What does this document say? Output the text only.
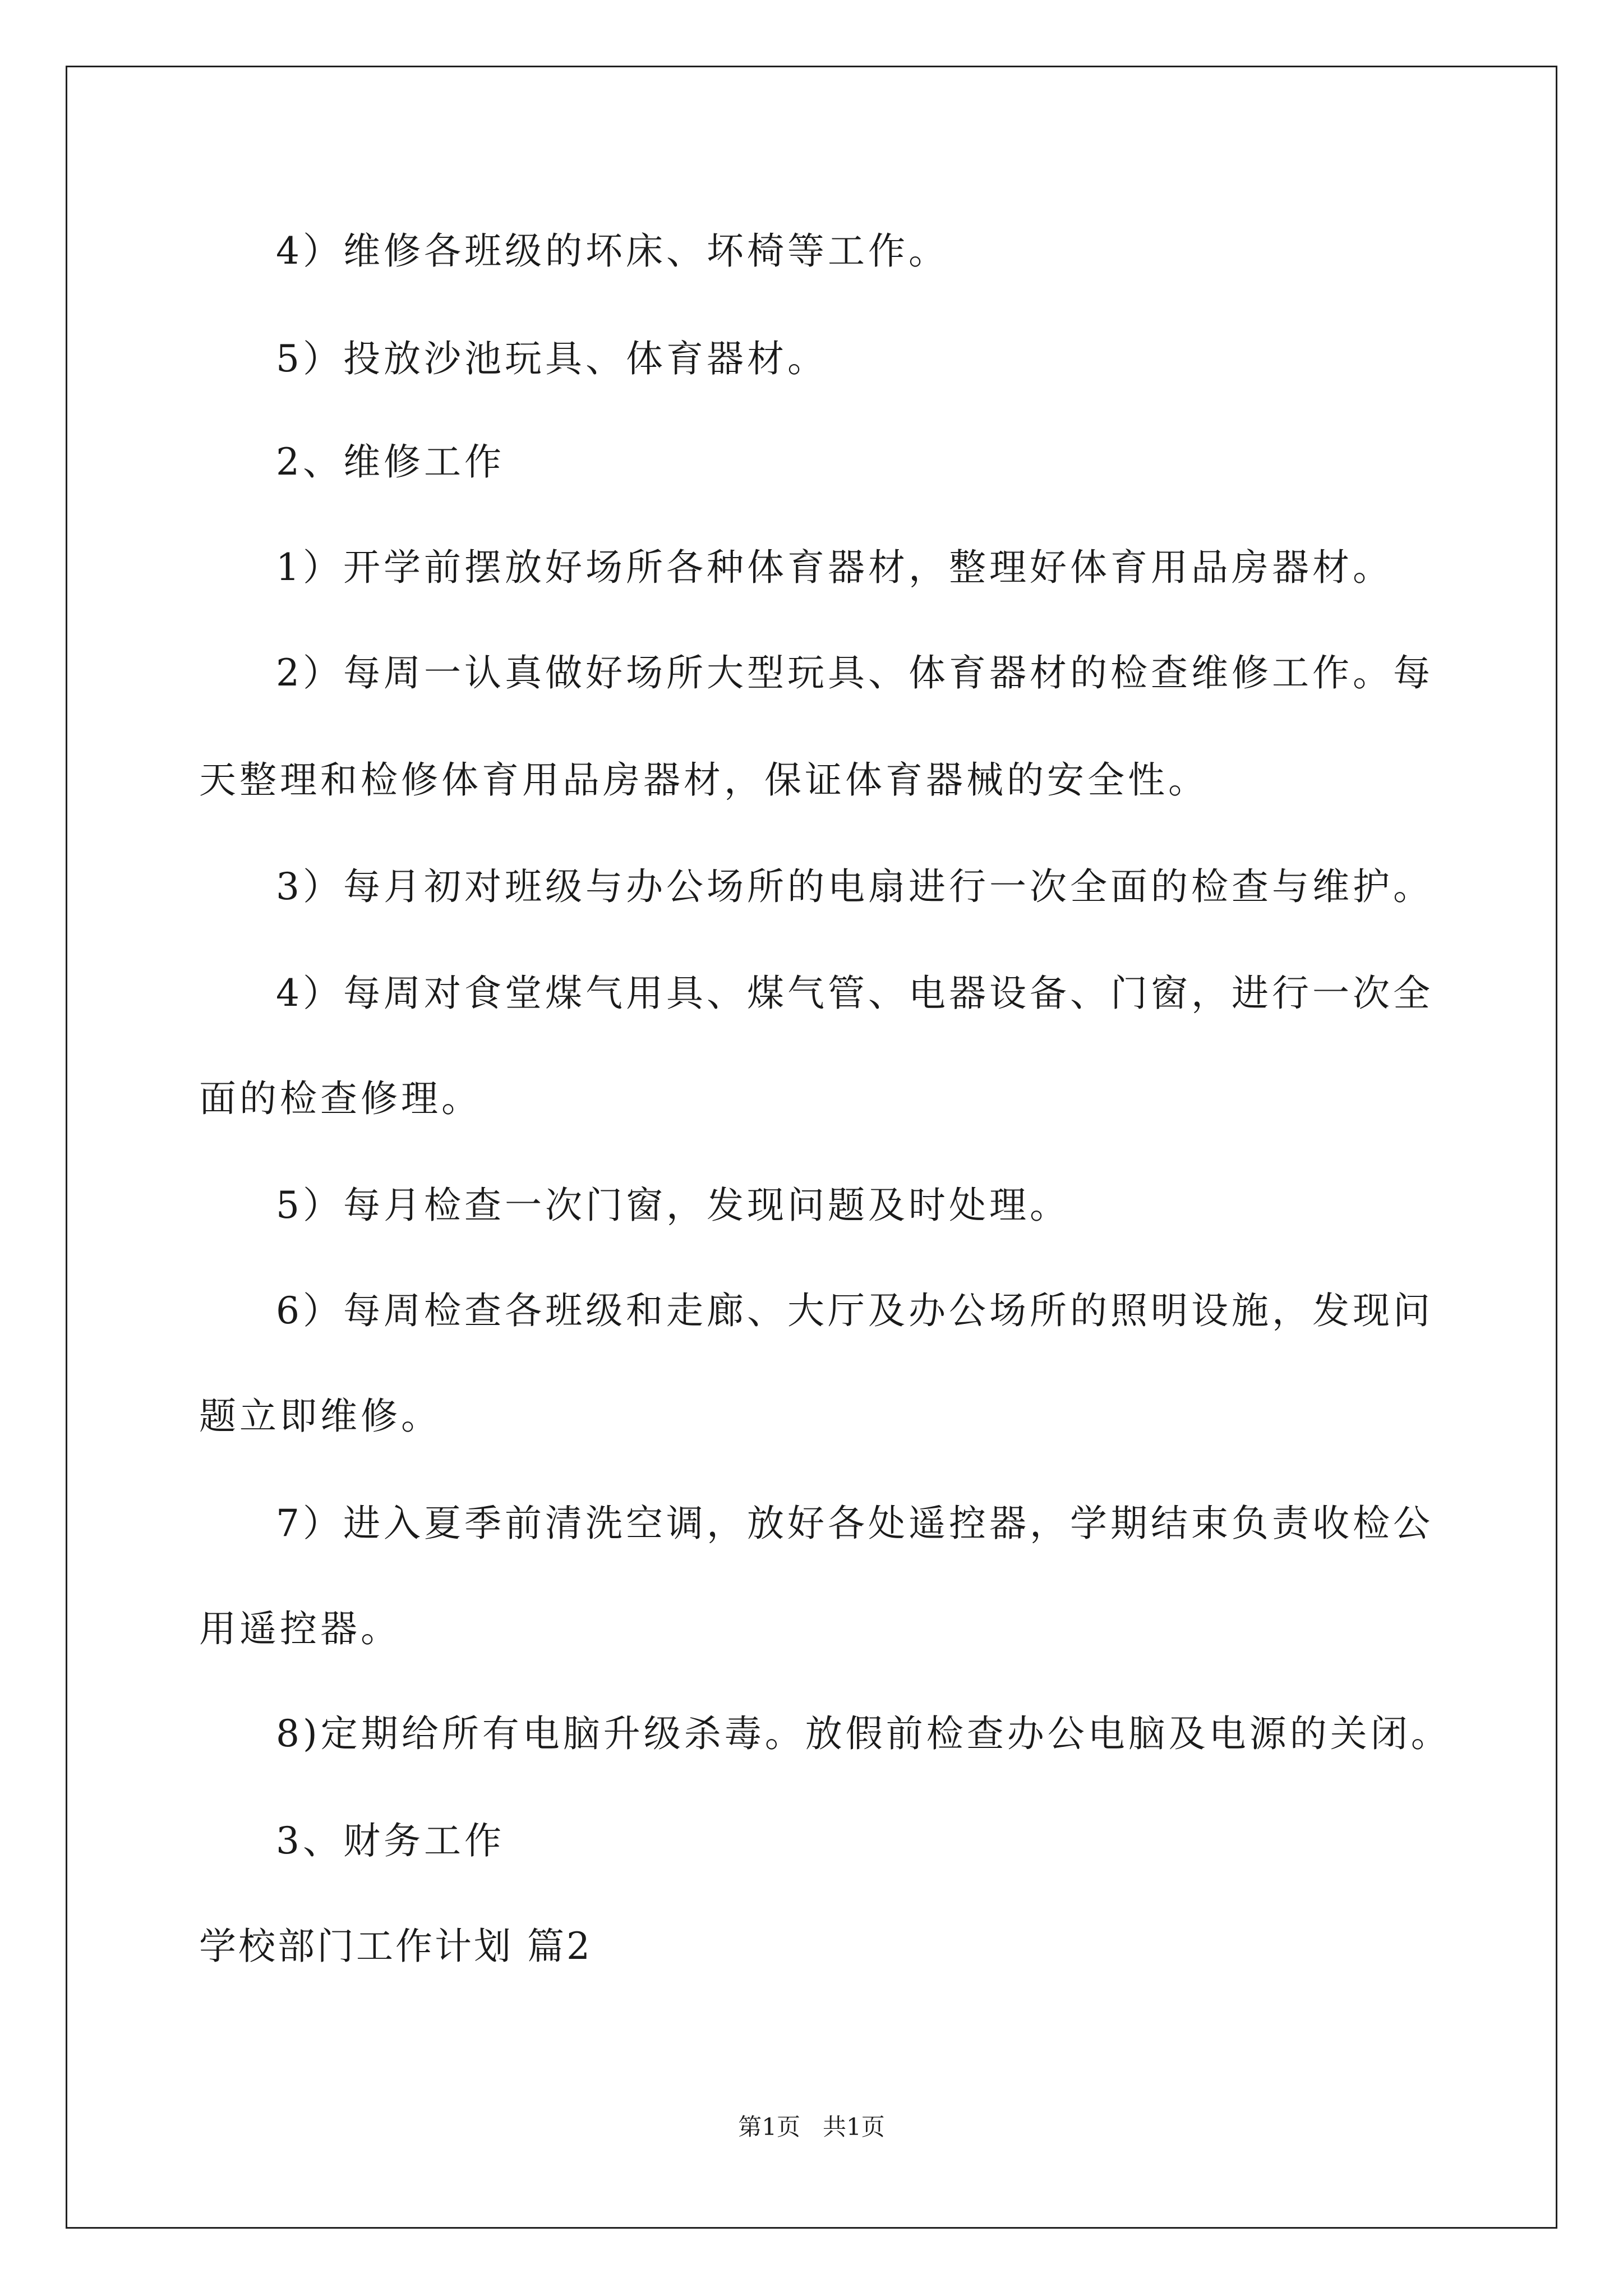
4）维修各班级的坏床、坏椅等工作。
5）投放沙池玩具、体育器材。
2、维修工作
1）开学前摆放好场所各种体育器材，整理好体育用品房器材。
2）每周一认真做好场所大型玩具、体育器材的检查维修工作。每
天整理和检修体育用品房器材，保证体育器械的安全性。
3）每月初对班级与办公场所的电扇进行一次全面的检查与维护。
4）每周对食堂煤气用具、煤气管、电器设备、门窗，进行一次全
面的检查修理。
5）每月检查一次门窗，发现问题及时处理。
6）每周检查各班级和走廊、大厅及办公场所的照明设施，发现问
题立即维修。
7）进入夏季前清洗空调，放好各处遥控器，学期结束负责收检公
用遥控器。
8)定期给所有电脑升级杀毒。放假前检查办公电脑及电源的关闭。
3、财务工作
学校部门工作计划 篇2
第1页   共1页
